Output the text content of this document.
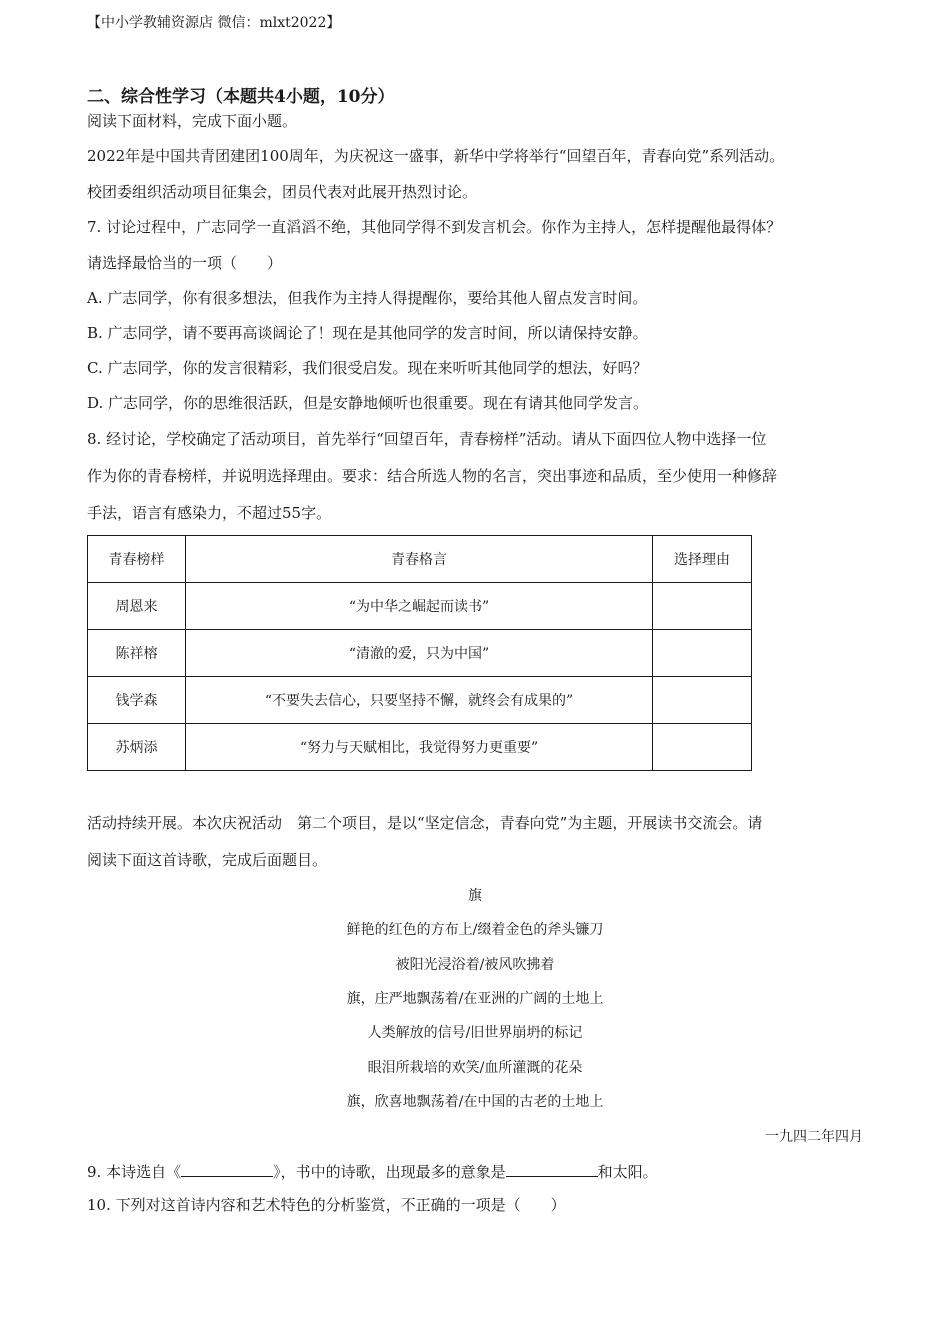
【中小学教辅资源店 微信：mlxt2022】
二、综合性学习（本题共4小题，10分）
阅读下面材料，完成下面小题。
2022年是中国共青团建团100周年，为庆祝这一盛事，新华中学将举行“回望百年，青春向党”系列活动。
校团委组织活动项目征集会，团员代表对此展开热烈讨论。
7. 讨论过程中，广志同学一直滔滔不绝，其他同学得不到发言机会。你作为主持人，怎样提醒他最得体？
请选择最恰当的一项（　　）
A. 广志同学，你有很多想法，但我作为主持人得提醒你，要给其他人留点发言时间。
B. 广志同学，请不要再高谈阔论了！现在是其他同学的发言时间，所以请保持安静。
C. 广志同学，你的发言很精彩，我们很受启发。现在来听听其他同学的想法，好吗？
D. 广志同学，你的思维很活跃，但是安静地倾听也很重要。现在有请其他同学发言。
8. 经讨论，学校确定了活动项目，首先举行“回望百年，青春榜样”活动。请从下面四位人物中选择一位
作为你的青春榜样，并说明选择理由。要求：结合所选人物的名言，突出事迹和品质，至少使用一种修辞
手法，语言有感染力，不超过55字。
青春榜样	青春格言	选择理由
周恩来	“为中华之崛起而读书”	
陈祥榕	“清澈的爱，只为中国”	
钱学森	“不要失去信心，只要坚持不懈，就终会有成果的”	
苏炳添	“努力与天赋相比，我觉得努力更重要”	
活动持续开展。本次庆祝活动　第二个项目，是以“坚定信念，青春向党”为主题，开展读书交流会。请
阅读下面这首诗歌，完成后面题目。
旗
鲜艳的红色的方布上/缀着金色的斧头镰刀
被阳光浸浴着/被风吹拂着
旗，庄严地飘荡着/在亚洲的广阔的土地上
人类解放的信号/旧世界崩坍的标记
眼泪所栽培的欢笑/血所灌溉的花朵
旗，欣喜地飘荡着/在中国的古老的土地上
一九四二年四月
9. 本诗选自《	》，书中的诗歌，出现最多的意象是	和太阳。
10. 下列对这首诗内容和艺术特色的分析鉴赏，不正确的一项是（　　）
